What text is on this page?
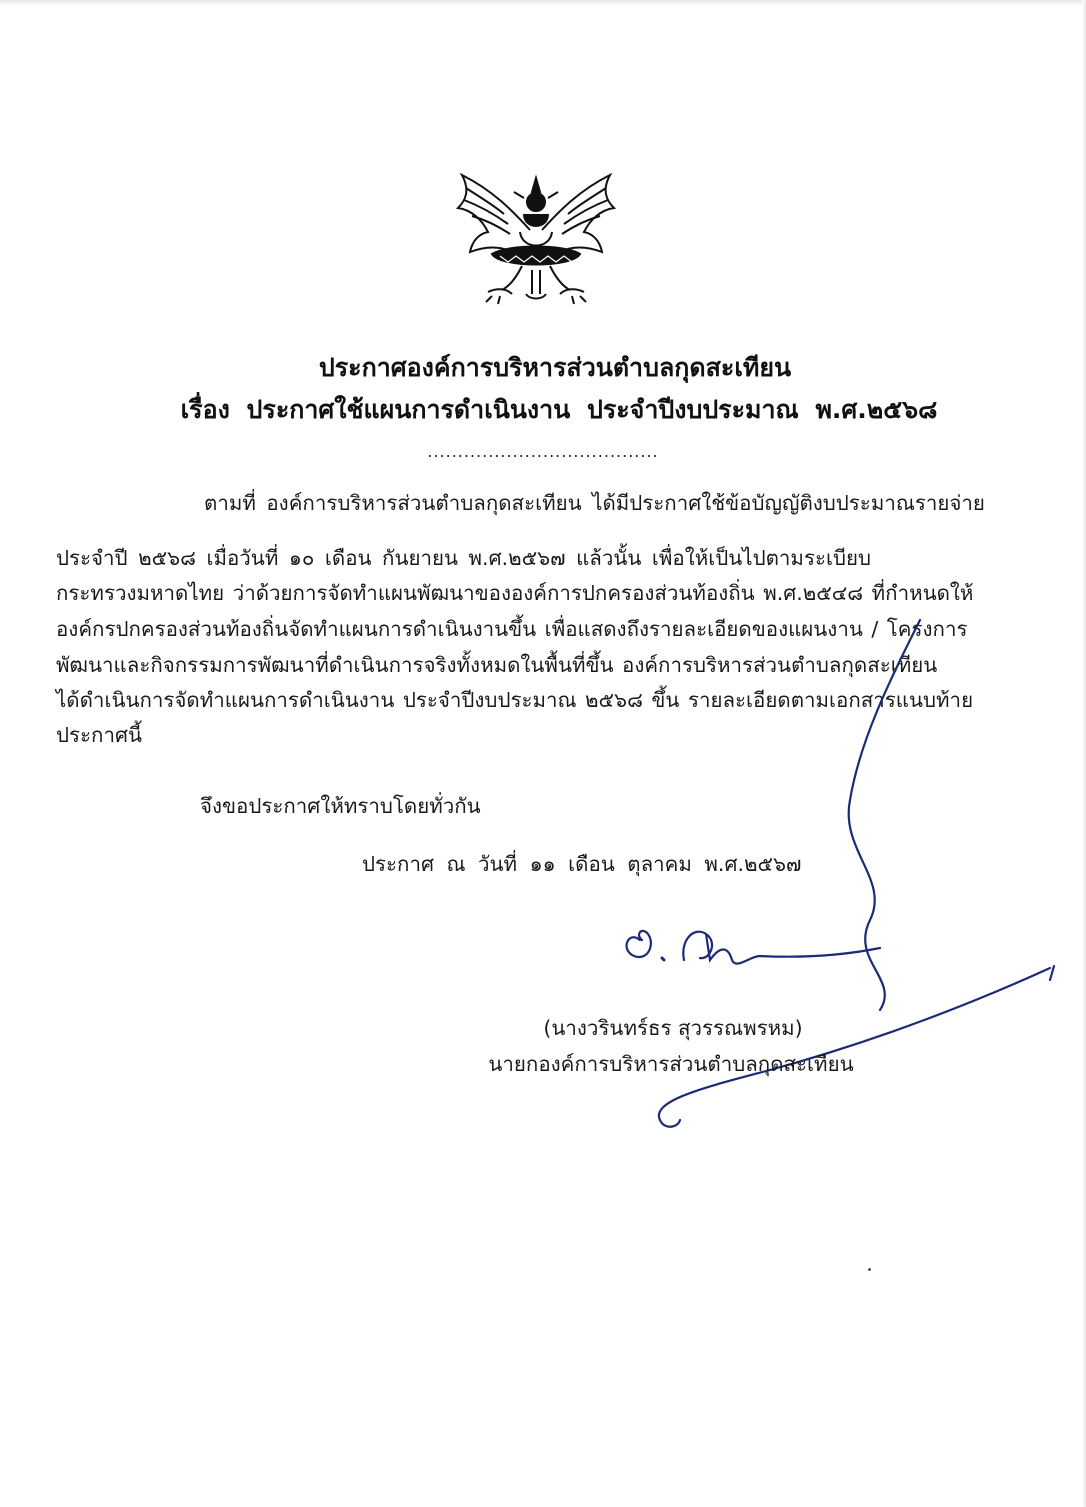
ประกาศองค์การบริหารส่วนตำบลกุดสะเทียน
เรื่อง ประกาศใช้แผนการดำเนินงาน ประจำปีงบประมาณ พ.ศ.๒๕๖๘
......................................
ตามที่ องค์การบริหารส่วนตำบลกุดสะเทียน ได้มีประกาศใช้ข้อบัญญัติงบประมาณรายจ่าย
ประจำปี ๒๕๖๘ เมื่อวันที่ ๑๐ เดือน กันยายน พ.ศ.๒๕๖๗ แล้วนั้น เพื่อให้เป็นไปตามระเบียบ
กระทรวงมหาดไทย ว่าด้วยการจัดทำแผนพัฒนาขององค์การปกครองส่วนท้องถิ่น พ.ศ.๒๕๔๘ ที่กำหนดให้
องค์กรปกครองส่วนท้องถิ่นจัดทำแผนการดำเนินงานขึ้น เพื่อแสดงถึงรายละเอียดของแผนงาน / โครงการ
พัฒนาและกิจกรรมการพัฒนาที่ดำเนินการจริงทั้งหมดในพื้นที่ขึ้น องค์การบริหารส่วนตำบลกุดสะเทียน
ได้ดำเนินการจัดทำแผนการดำเนินงาน ประจำปีงบประมาณ ๒๕๖๘ ขึ้น รายละเอียดตามเอกสารแนบท้าย
ประกาศนี้
จึงขอประกาศให้ทราบโดยทั่วกัน
ประกาศ ณ วันที่ ๑๑ เดือน ตุลาคม พ.ศ.๒๕๖๗
(นางวรินทร์ธร สุวรรณพรหม)
นายกองค์การบริหารส่วนตำบลกุดสะเทียน
